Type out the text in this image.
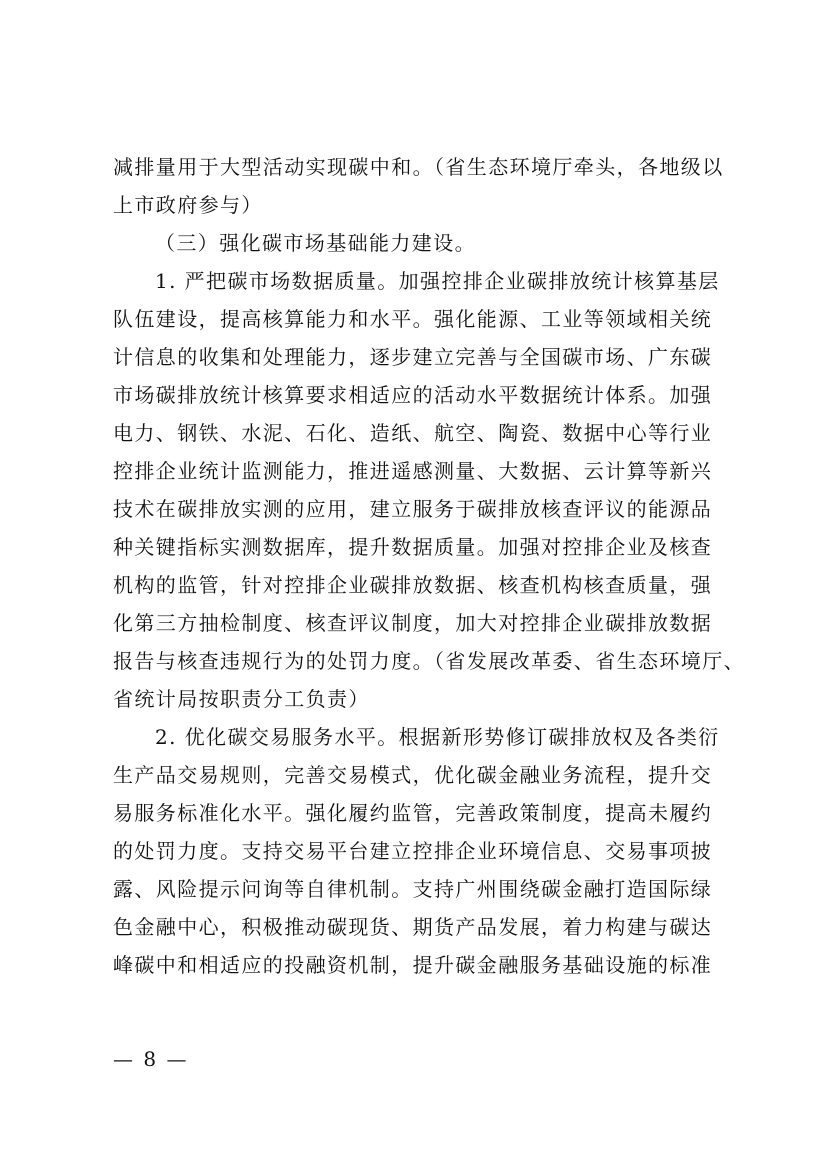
减排量用于大型活动实现碳中和。（省生态环境厅牵头，各地级以
上市政府参与）
（三）强化碳市场基础能力建设。
1. 严把碳市场数据质量。加强控排企业碳排放统计核算基层
队伍建设，提高核算能力和水平。强化能源、工业等领域相关统
计信息的收集和处理能力，逐步建立完善与全国碳市场、广东碳
市场碳排放统计核算要求相适应的活动水平数据统计体系。加强
电力、钢铁、水泥、石化、造纸、航空、陶瓷、数据中心等行业
控排企业统计监测能力，推进遥感测量、大数据、云计算等新兴
技术在碳排放实测的应用，建立服务于碳排放核查评议的能源品
种关键指标实测数据库，提升数据质量。加强对控排企业及核查
机构的监管，针对控排企业碳排放数据、核查机构核查质量，强
化第三方抽检制度、核查评议制度，加大对控排企业碳排放数据
报告与核查违规行为的处罚力度。（省发展改革委、省生态环境厅、
省统计局按职责分工负责）
2. 优化碳交易服务水平。根据新形势修订碳排放权及各类衍
生产品交易规则，完善交易模式，优化碳金融业务流程，提升交
易服务标准化水平。强化履约监管，完善政策制度，提高未履约
的处罚力度。支持交易平台建立控排企业环境信息、交易事项披
露、风险提示问询等自律机制。支持广州围绕碳金融打造国际绿
色金融中心，积极推动碳现货、期货产品发展，着力构建与碳达
峰碳中和相适应的投融资机制，提升碳金融服务基础设施的标准
— 8 —
